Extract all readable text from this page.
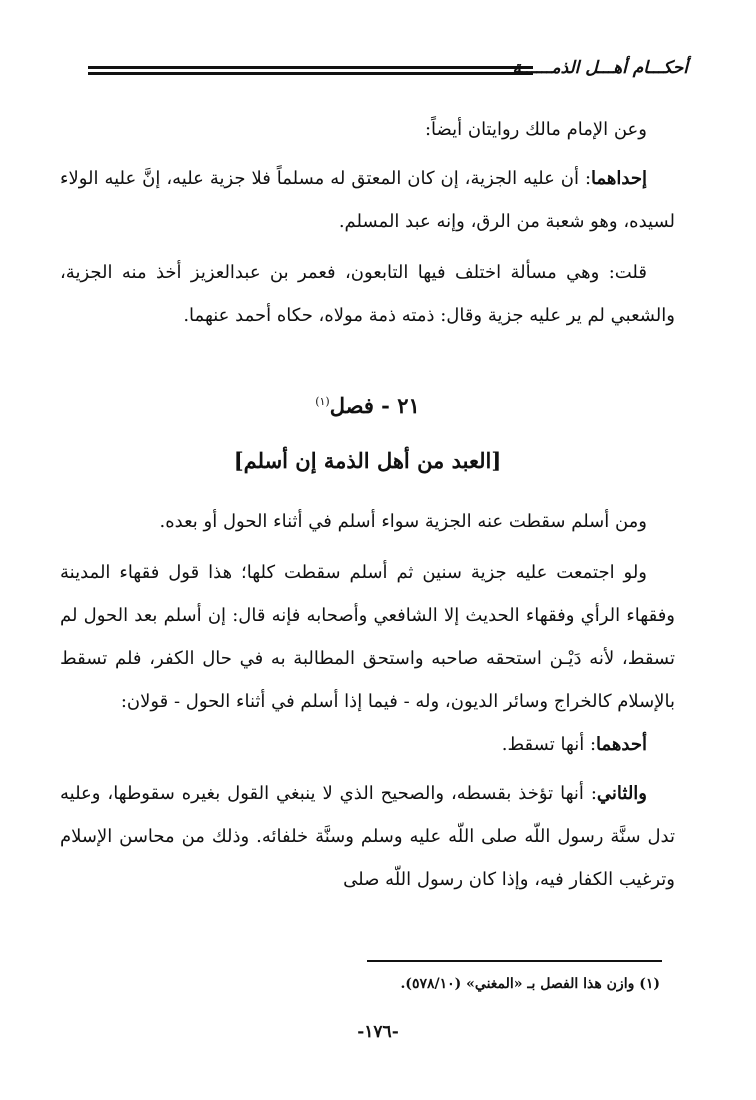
أحكـــام أهـــل الذمــــــة

وعن الإمام مالك روايتان أيضاً:

إحداهما: أن عليه الجزية، إن كان المعتق له مسلماً فلا جزية عليه، إنَّ عليه الولاء لسيده، وهو شعبة من الرق، وإنه عبد المسلم.

قلت: وهي مسألة اختلف فيها التابعون، فعمر بن عبدالعزيز أخذ منه الجزية، والشعبي لم ير عليه جزية وقال: ذمته ذمة مولاه، حكاه أحمد عنهما.

٢١ - فصل$^{(١)}$
[العبد من أهل الذمة إن أسلم]

ومن أسلم سقطت عنه الجزية سواء أسلم في أثناء الحول أو بعده.

ولو اجتمعت عليه جزية سنين ثم أسلم سقطت كلها؛ هذا قول فقهاء المدينة وفقهاء الرأي وفقهاء الحديث إلا الشافعي وأصحابه فإنه قال: إن أسلم بعد الحول لم تسقط، لأنه دَيْـن استحقه صاحبه واستحق المطالبة به في حال الكفر، فلم تسقط بالإسلام كالخراج وسائر الديون، وله - فيما إذا أسلم في أثناء الحول - قولان:

أحدهما: أنها تسقط.

والثاني: أنها تؤخذ بقسطه، والصحيح الذي لا ينبغي القول بغيره سقوطها، وعليه تدل سنَّة رسول اللّه صلى اللّه عليه وسلم وسنَّة خلفائه. وذلك من محاسن الإسلام وترغيب الكفار فيه، وإذا كان رسول اللّه صلى

(١) وازن هذا الفصل بـ «المغني» (٥٧٨/١٠).
-١٧٦-
